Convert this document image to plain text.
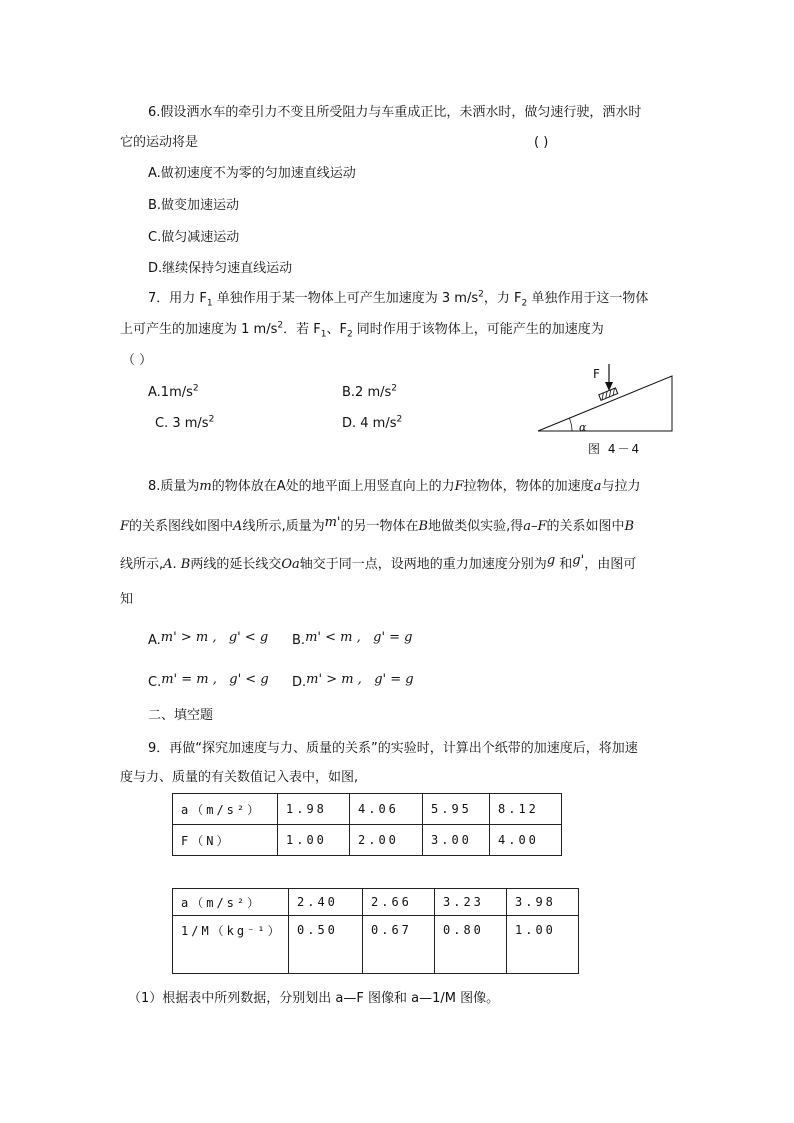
6.假设洒水车的牵引力不变且所受阻力与车重成正比，未洒水时，做匀速行驶，洒水时
它的运动将是	( )
A.做初速度不为零的匀加速直线运动
B.做变加速运动
C.做匀减速运动
D.继续保持匀速直线运动
7．用力 $F_1$ 单独作用于某一物体上可产生加速度为 3 $m/s^2$，力 $F_2$ 单独作用于这一物体
上可产生的加速度为 1 $m/s^2$．若 $F_1$、$F_2$ 同时作用于该物体上，可能产生的加速度为
（ ）
$A.1m/s^2$	B.2 $m/s^2$
C. 3 $m/s^2$	D. 4 $m/s^2$
F
α
图 4－4
8.质量为m的物体放在A处的地平面上用竖直向上的力F拉物体，物体的加速度a与拉力
F的关系图线如图中A线所示,质量为m'的另一物体在B地做类似实验,得a–F的关系如图中B
线所示,A. B两线的延长线交Oa轴交于同一点，设两地的重力加速度分别为g 和g'，由图可
知
A.m' > m , g' < g B.m' < m , g' = g
C.m' = m , g' < g D.m' > m , g' = g
二、填空题
9．再做“探究加速度与力、质量的关系”的实验时，计算出个纸带的加速度后，将加速
度与力、质量的有关数值记入表中，如图,
a（m/s²）	1.98	4.06	5.95	8.12
F（N）	1.00	2.00	3.00	4.00
a（m/s²）	2.40	2.66	3.23	3.98
1/M（kg⁻¹）	0.50	0.67	0.80	1.00
（1）根据表中所列数据，分别划出 a—F 图像和 a—1/M 图像。
